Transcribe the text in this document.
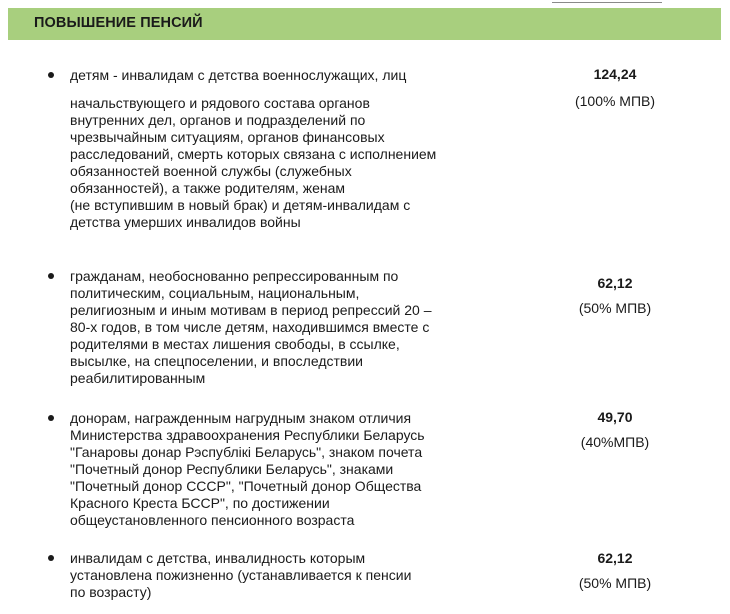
ПОВЫШЕНИЕ ПЕНСИЙ
детям - инвалидам с детства военнослужащих, лиц
начальствующего и рядового состава органов
внутренних дел, органов и подразделений по
чрезвычайным ситуациям, органов финансовых
расследований, смерть которых связана с исполнением
обязанностей военной службы (служебных
обязанностей), а также родителям, женам
(не вступившим в новый брак) и детям-инвалидам с
детства умерших инвалидов войны
124,24
(100% МПВ)
гражданам, необоснованно репрессированным по
политическим, социальным, национальным,
религиозным и иным мотивам в период репрессий 20 –
80-х годов, в том числе детям, находившимся вместе с
родителями в местах лишения свободы, в ссылке,
высылке, на спецпоселении, и впоследствии
реабилитированным
62,12
(50% МПВ)
донорам, награжденным нагрудным знаком отличия
Министерства здравоохранения Республики Беларусь
"Ганаровы донар Рэспублiкi Беларусь", знаком почета
"Почетный донор Республики Беларусь", знаками
"Почетный донор СССР", "Почетный донор Общества
Красного Креста БССР", по достижении
общеустановленного пенсионного возраста
49,70
(40%МПВ)
инвалидам с детства, инвалидность которым
установлена пожизненно (устанавливается к пенсии
по возрасту)
62,12
(50% МПВ)
